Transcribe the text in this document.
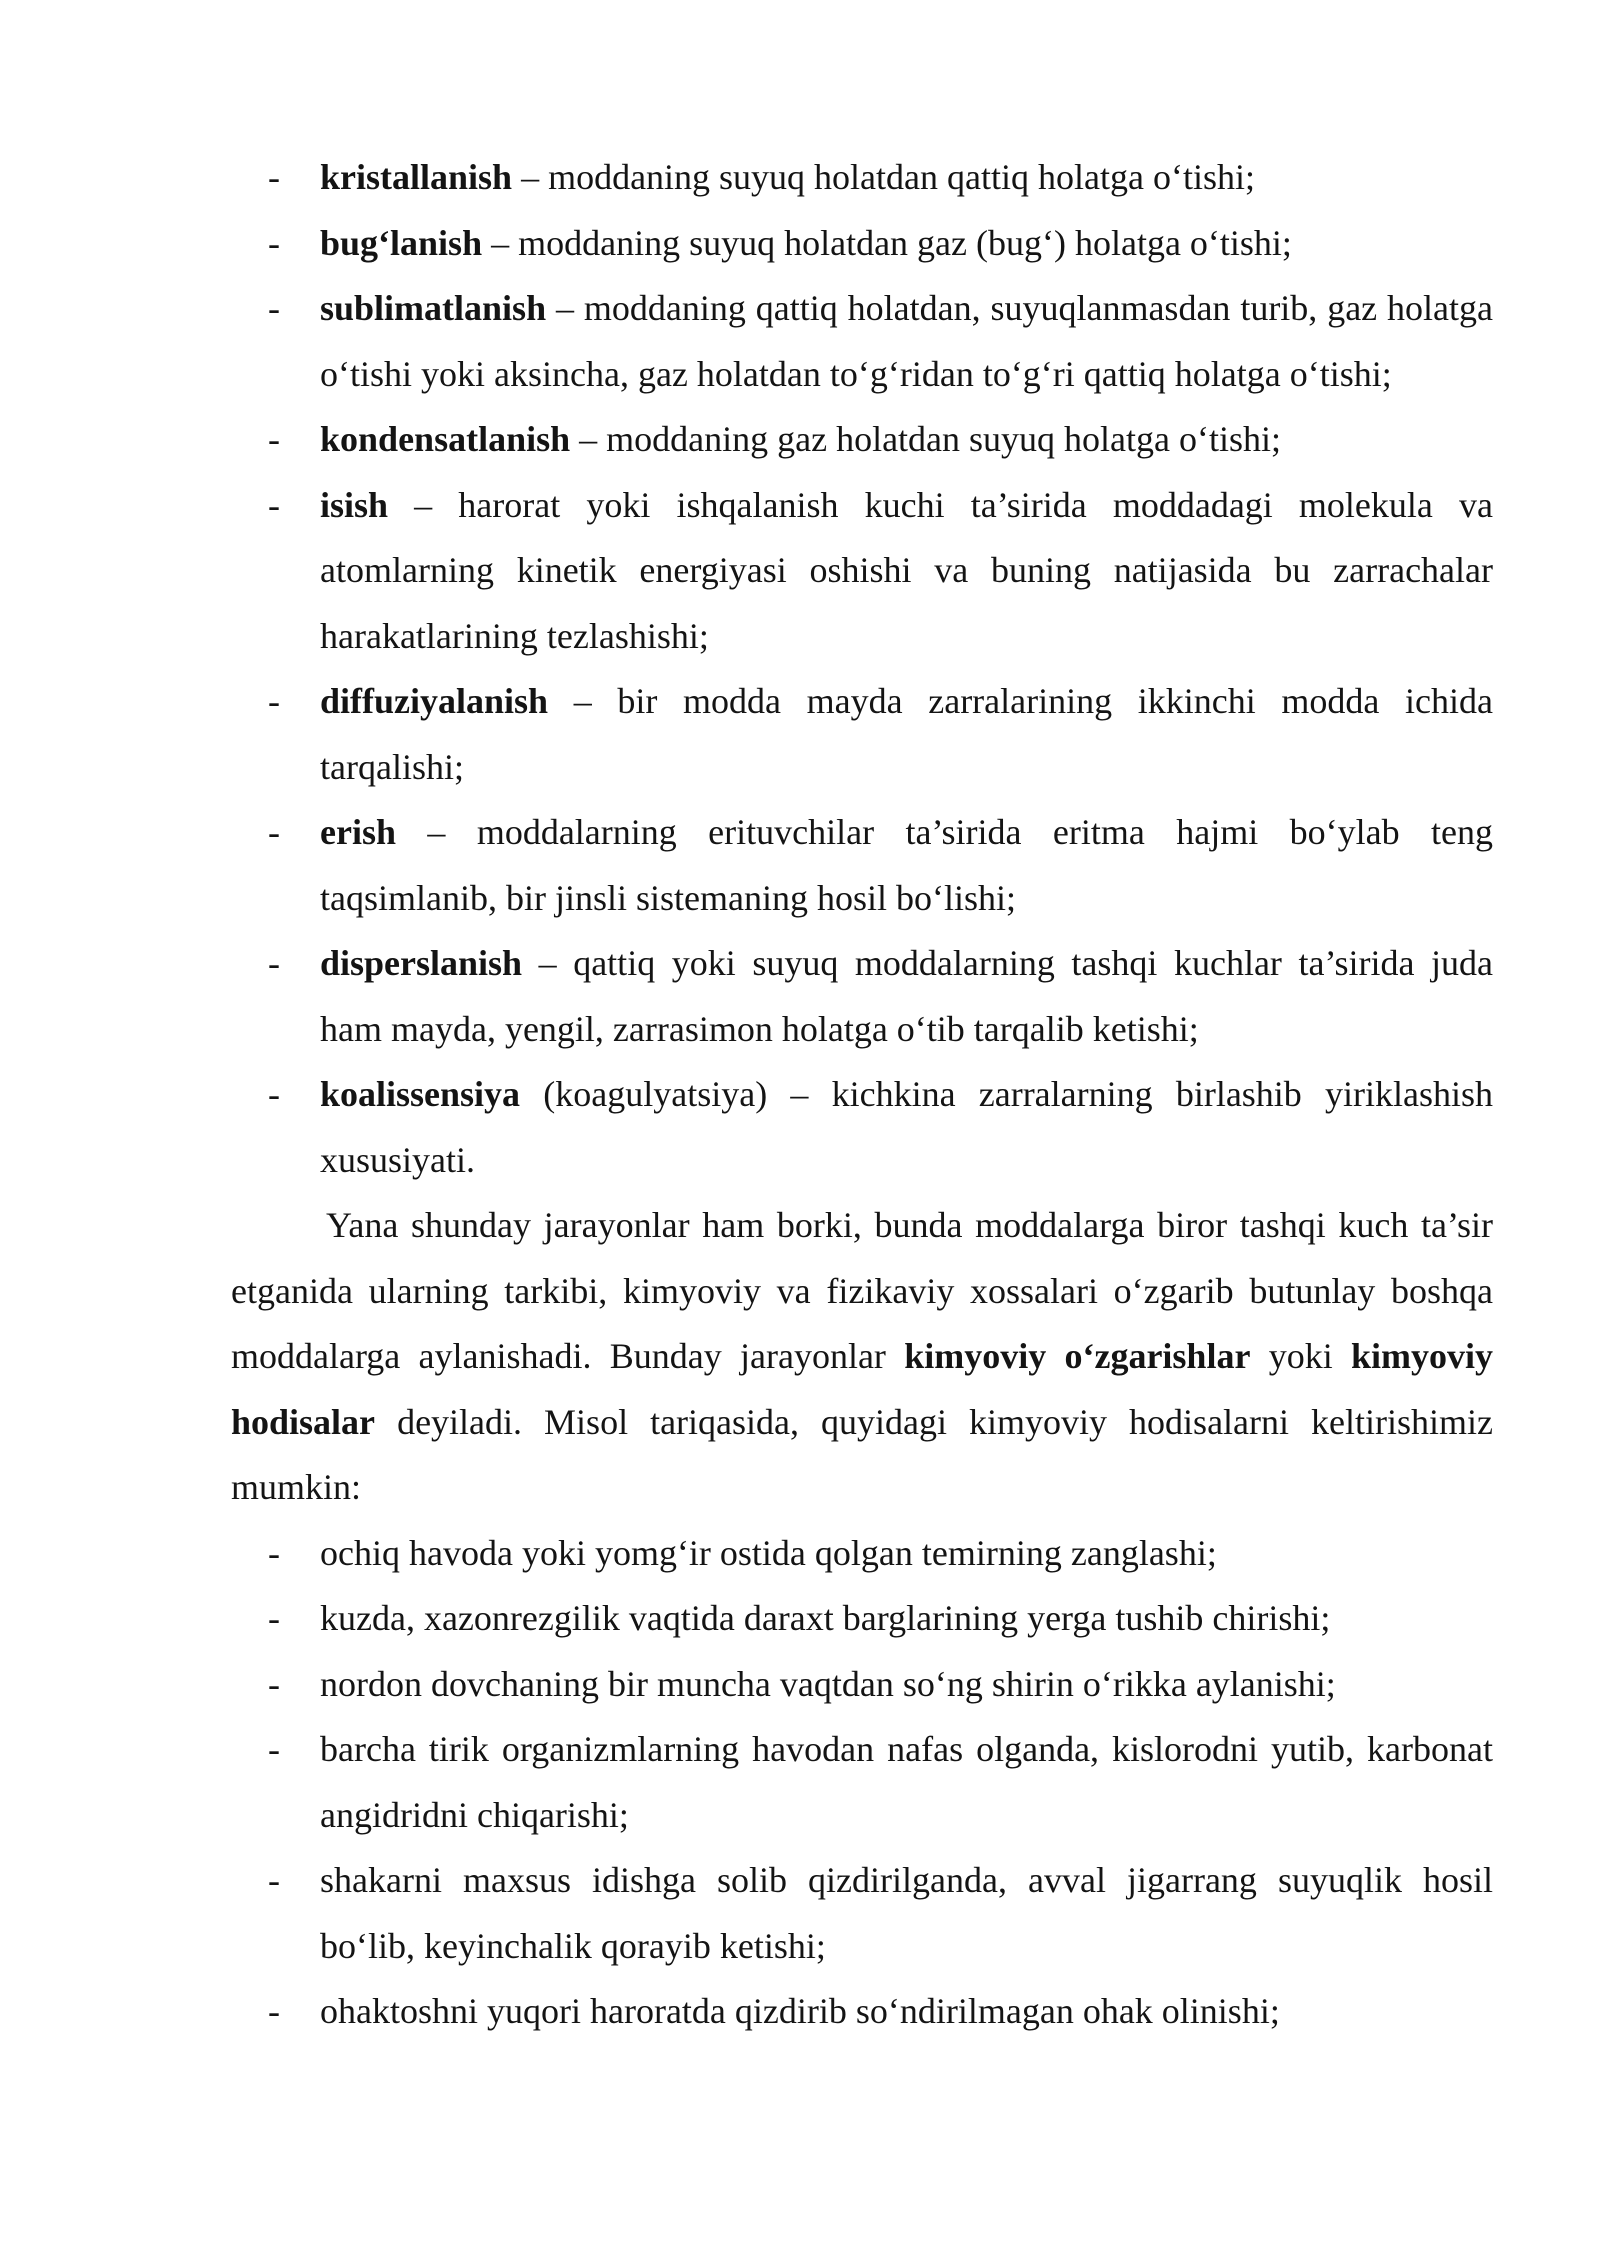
- kristallanish – moddaning suyuq holatdan qattiq holatga o‘tishi;
- bug‘lanish – moddaning suyuq holatdan gaz (bug‘) holatga o‘tishi;
- sublimatlanish – moddaning qattiq holatdan, suyuqlanmasdan turib, gaz holatga o‘tishi yoki aksincha, gaz holatdan to‘g‘ridan to‘g‘ri qattiq holatga o‘tishi;
- kondensatlanish – moddaning gaz holatdan suyuq holatga o‘tishi;
- isish – harorat yoki ishqalanish kuchi ta’sirida moddadagi molekula va atomlarning kinetik energiyasi oshishi va buning natijasida bu zarrachalar harakatlarining tezlashishi;
- diffuziyalanish – bir modda mayda zarralarining ikkinchi modda ichida tarqalishi;
- erish – moddalarning erituvchilar ta’sirida eritma hajmi bo‘ylab teng taqsimlanib, bir jinsli sistemaning hosil bo‘lishi;
- disperslanish – qattiq yoki suyuq moddalarning tashqi kuchlar ta’sirida juda ham mayda, yengil, zarrasimon holatga o‘tib tarqalib ketishi;
- koalissensiya (koagulyatsiya) – kichkina zarralarning birlashib yiriklashish xususiyati.

Yana shunday jarayonlar ham borki, bunda moddalarga biror tashqi kuch ta’sir etganida ularning tarkibi, kimyoviy va fizikaviy xossalari o‘zgarib butunlay boshqa moddalarga aylanishadi. Bunday jarayonlar kimyoviy o‘zgarishlar yoki kimyoviy hodisalar deyiladi. Misol tariqasida, quyidagi kimyoviy hodisalarni keltirishimiz mumkin:

- ochiq havoda yoki yomg‘ir ostida qolgan temirning zanglashi;
- kuzda, xazonrezgilik vaqtida daraxt barglarining yerga tushib chirishi;
- nordon dovchaning bir muncha vaqtdan so‘ng shirin o‘rikka aylanishi;
- barcha tirik organizmlarning havodan nafas olganda, kislorodni yutib, karbonat angidridni chiqarishi;
- shakarni maxsus idishga solib qizdirilganda, avval jigarrang suyuqlik hosil bo‘lib, keyinchalik qorayib ketishi;
- ohaktoshni yuqori haroratda qizdirib so‘ndirilmagan ohak olinishi;
